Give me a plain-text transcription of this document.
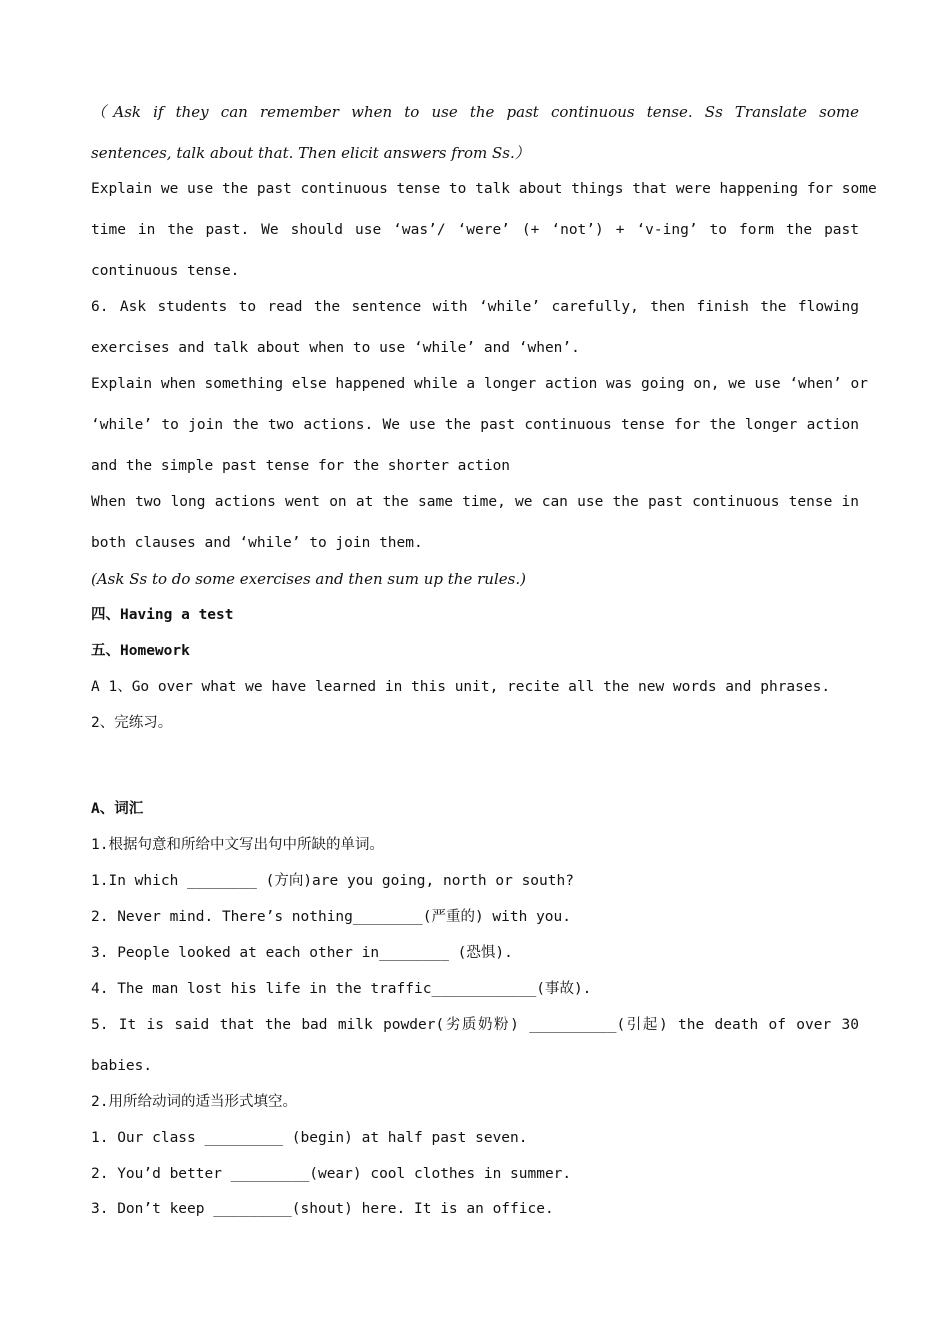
（Ask if they can remember when to use the past continuous tense. Ss Translate some
sentences, talk about that. Then elicit answers from Ss.）
Explain we use the past continuous tense to talk about things that were happening for some
time in the past. We should use ‘was’/ ‘were’ (+ ‘not’) + ‘v-ing’ to form the past
continuous tense.
6. Ask students to read the sentence with ‘while’ carefully, then finish the flowing
exercises and talk about when to use ‘while’ and ‘when’.
Explain when something else happened while a longer action was going on, we use ‘when’ or
‘while’ to join the two actions. We use the past continuous tense for the longer action
and the simple past tense for the shorter action
When two long actions went on at the same time, we can use the past continuous tense in
both clauses and ‘while’ to join them.
(Ask Ss to do some exercises and then sum up the rules.)
四、Having a test
五、Homework
A 1、Go over what we have learned in this unit, recite all the new words and phrases.
2、完练习。
A、词汇
1.根据句意和所给中文写出句中所缺的单词。
1.In which ________ (方向)are you going, north or south?
2. Never mind. There’s nothing________(严重的) with you.
3. People looked at each other in________ (恐惧).
4. The man lost his life in the traffic____________(事故).
5. It is said that the bad milk powder(劣质奶粉) __________(引起) the death of over 30
babies.
2.用所给动词的适当形式填空。
1. Our class _________ (begin) at half past seven.
2. You’d better _________(wear) cool clothes in summer.
3. Don’t keep _________(shout) here. It is an office.
